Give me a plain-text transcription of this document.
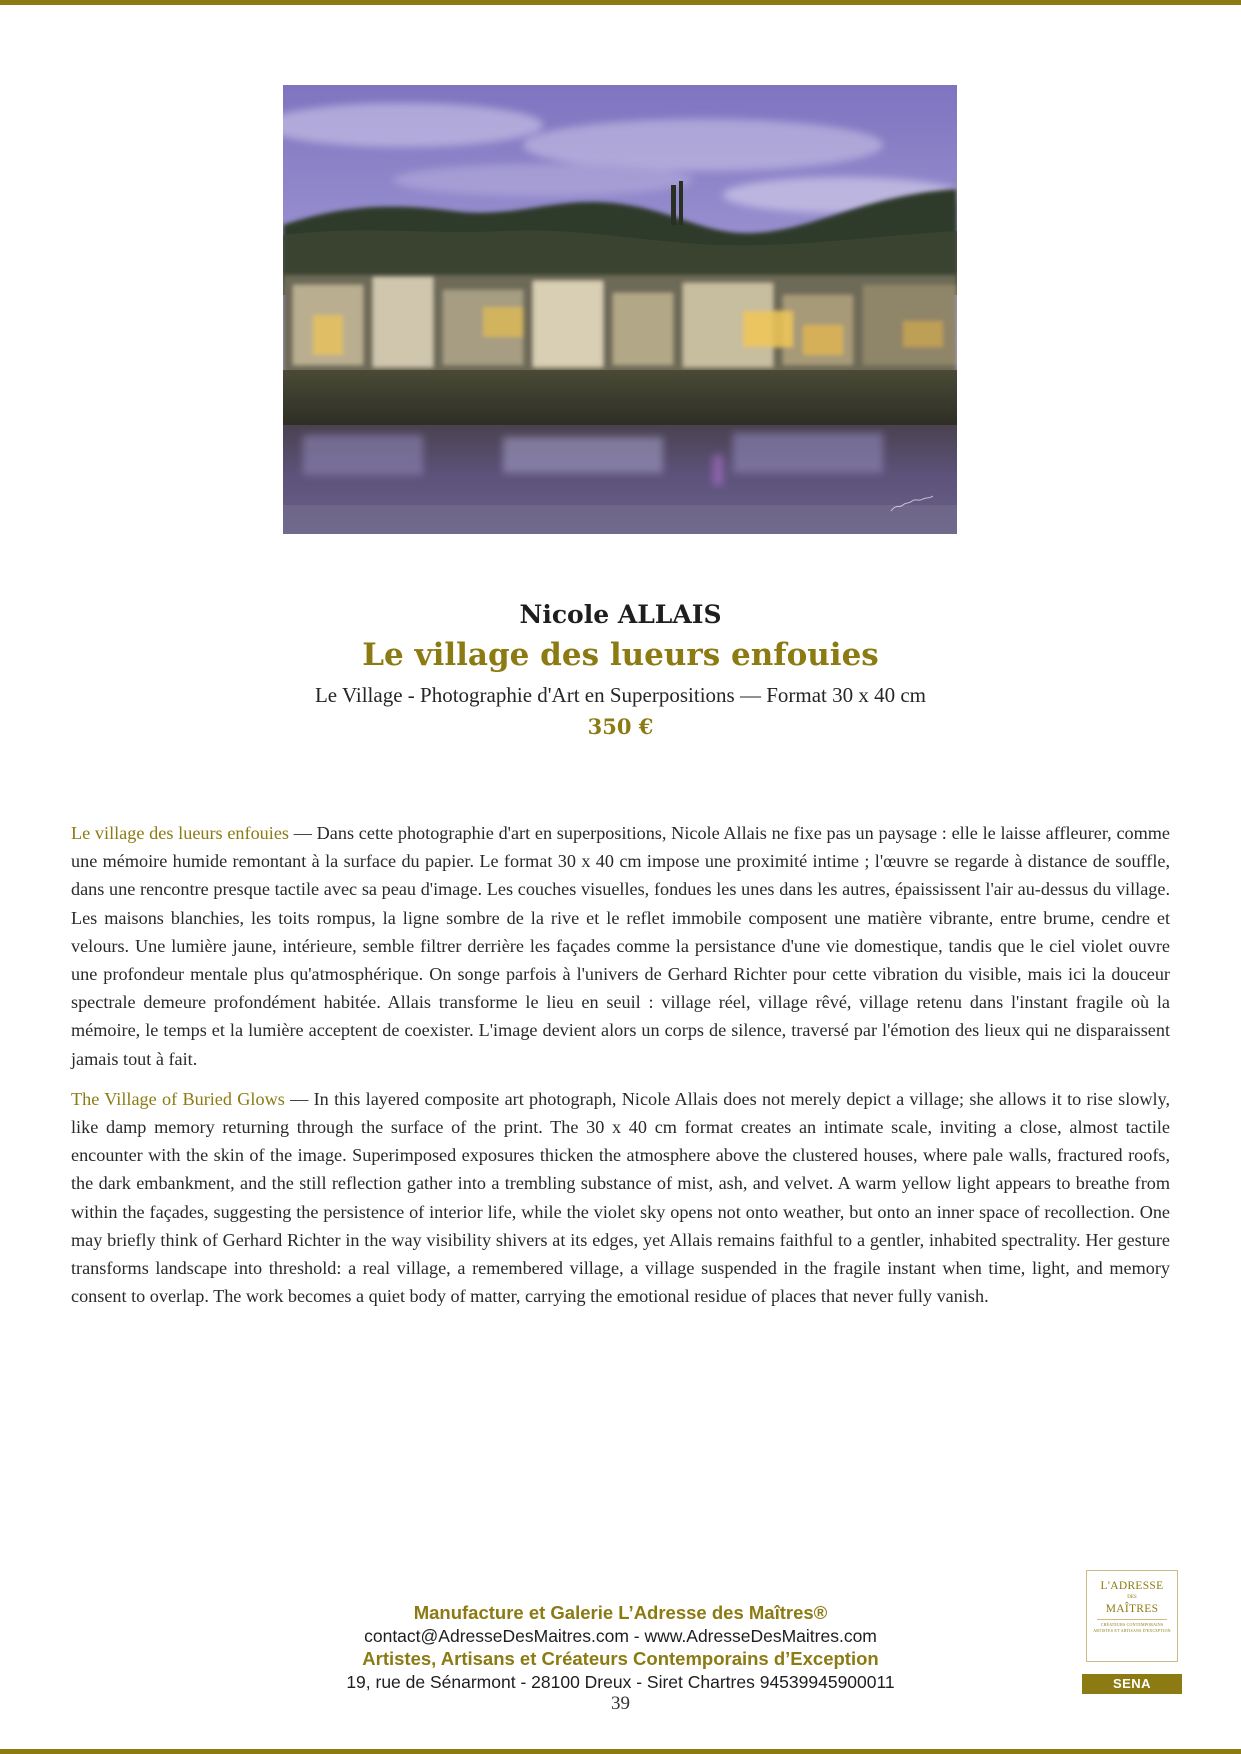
Nicole ALLAIS
Le village des lueurs enfouies
Le Village - Photographie d'Art en Superpositions — Format 30 x 40 cm
350 €

Le village des lueurs enfouies — Dans cette photographie d'art en superpositions, Nicole Allais ne fixe pas un paysage : elle le laisse affleurer, comme une mémoire humide remontant à la surface du papier. Le format 30 x 40 cm impose une proximité intime ; l'œuvre se regarde à distance de souffle, dans une rencontre presque tactile avec sa peau d'image. Les couches visuelles, fondues les unes dans les autres, épaississent l'air au-dessus du village. Les maisons blanchies, les toits rompus, la ligne sombre de la rive et le reflet immobile composent une matière vibrante, entre brume, cendre et velours. Une lumière jaune, intérieure, semble filtrer derrière les façades comme la persistance d'une vie domestique, tandis que le ciel violet ouvre une profondeur mentale plus qu'atmosphérique. On songe parfois à l'univers de Gerhard Richter pour cette vibration du visible, mais ici la douceur spectrale demeure profondément habitée. Allais transforme le lieu en seuil : village réel, village rêvé, village retenu dans l'instant fragile où la mémoire, le temps et la lumière acceptent de coexister. L'image devient alors un corps de silence, traversé par l'émotion des lieux qui ne disparaissent jamais tout à fait.

The Village of Buried Glows — In this layered composite art photograph, Nicole Allais does not merely depict a village; she allows it to rise slowly, like damp memory returning through the surface of the print. The 30 x 40 cm format creates an intimate scale, inviting a close, almost tactile encounter with the skin of the image. Superimposed exposures thicken the atmosphere above the clustered houses, where pale walls, fractured roofs, the dark embankment, and the still reflection gather into a trembling substance of mist, ash, and velvet. A warm yellow light appears to breathe from within the façades, suggesting the persistence of interior life, while the violet sky opens not onto weather, but onto an inner space of recollection. One may briefly think of Gerhard Richter in the way visibility shivers at its edges, yet Allais remains faithful to a gentler, inhabited spectrality. Her gesture transforms landscape into threshold: a real village, a remembered village, a village suspended in the fragile instant when time, light, and memory consent to overlap. The work becomes a quiet body of matter, carrying the emotional residue of places that never fully vanish.

Manufacture et Galerie L’Adresse des Maîtres®
contact@AdresseDesMaitres.com - www.AdresseDesMaitres.com
Artistes, Artisans et Créateurs Contemporains d’Exception
19, rue de Sénarmont - 28100 Dreux - Siret Chartres 94539945900011
39
L'ADRESSE
DES
MAÎTRES
CRÉATEURS CONTEMPORAINS ARTISTES ET ARTISANS D'EXCEPTION
SENA
